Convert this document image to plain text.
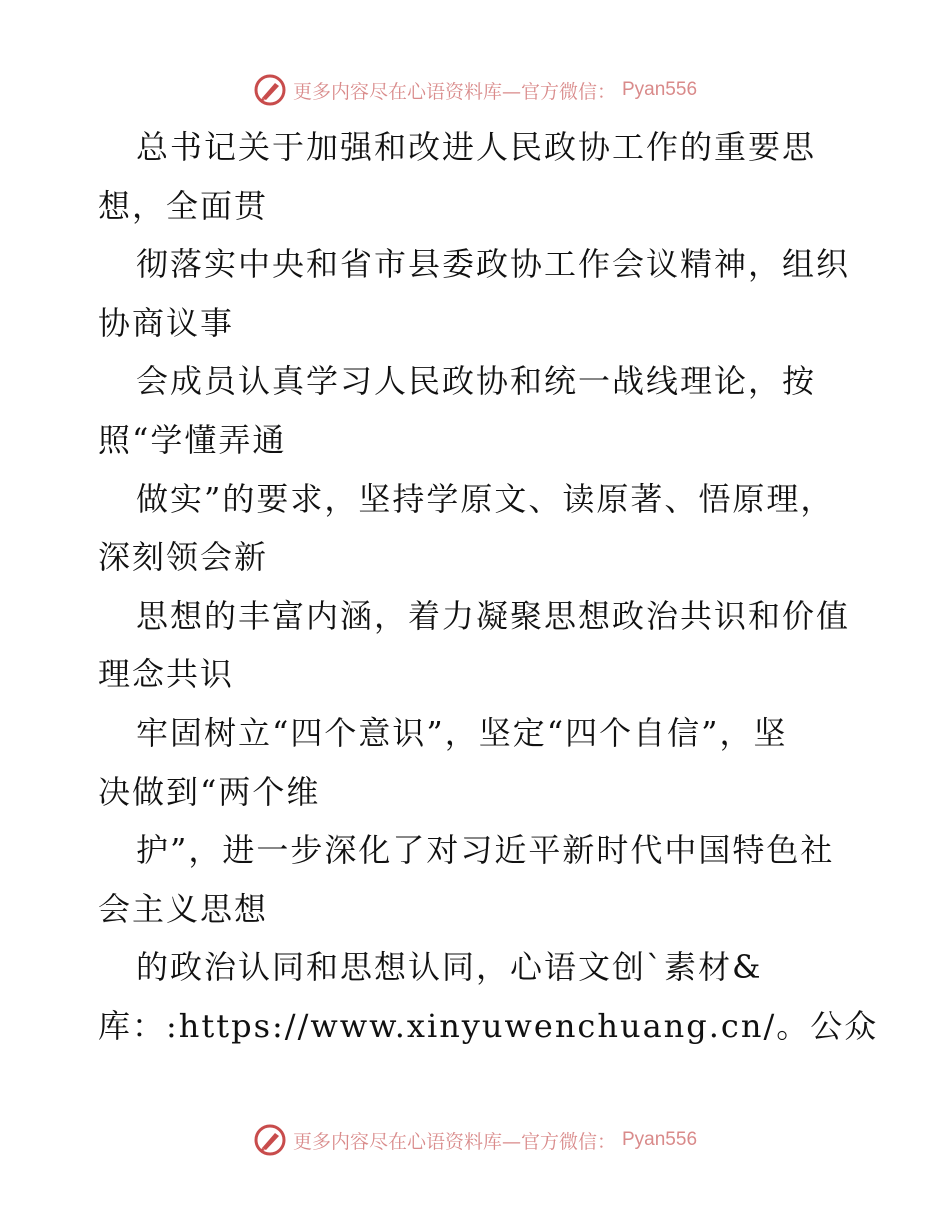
更多内容尽在心语资料库—官方微信： Pyan556
总书记关于加强和改进人民政协工作的重要思
想，全面贯
彻落实中央和省市县委政协工作会议精神，组织
协商议事
会成员认真学习人民政协和统一战线理论，按
照“学懂弄通
做实”的要求，坚持学原文、读原著、悟原理，
深刻领会新
思想的丰富内涵，着力凝聚思想政治共识和价值
理念共识
牢固树立“四个意识”，坚定“四个自信”，坚
决做到“两个维
护”，进一步深化了对习近平新时代中国特色社
会主义思想
的政治认同和思想认同，心语文创`素材&
库：:https://www.xinyuwenchuang.cn/。公众
更多内容尽在心语资料库—官方微信： Pyan556
